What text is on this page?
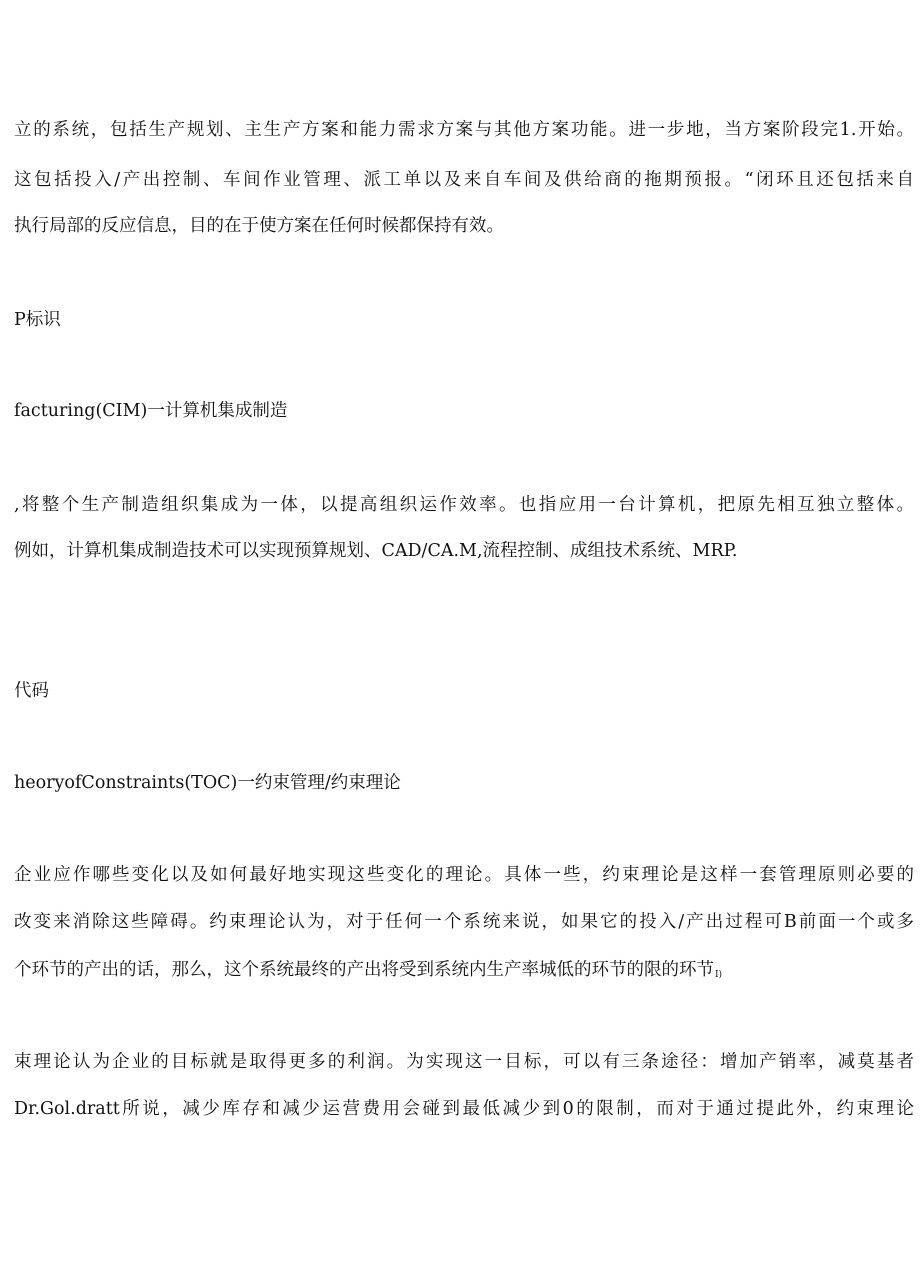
立的系统，包括生产规划、主生产方案和能力需求方案与其他方案功能。进一步地，当方案阶段完1.开始。
这包括投入/产出控制、车间作业管理、派工单以及来自车间及供给商的拖期预报。“闭环且还包括来自
执行局部的反应信息，目的在于使方案在任何时候都保持有效。
P标识
facturing(CIM)一计算机集成制造
,将整个生产制造组织集成为一体，以提高组织运作效率。也指应用一台计算机，把原先相互独立整体。
例如，计算机集成制造技术可以实现预算规划、CAD/CA.M,流程控制、成组技术系统、MRP.
代码
heoryofConstraints(TOC)一约束管理/约束理论
企业应作哪些变化以及如何最好地实现这些变化的理论。具体一些，约束理论是这样一套管理原则必要的
改变来消除这些障碍。约束理论认为，对于任何一个系统来说，如果它的投入/产出过程可B前面一个或多
个环节的产出的话，那么，这个系统最终的产出将受到系统内生产率城低的环节的限的环节$_{I)}$
束理论认为企业的目标就是取得更多的利润。为实现这一目标，可以有三条途径：增加产销率，减莫基者
Dr.Gol.dratt所说，减少库存和减少运营费用会碰到最低减少到0的限制，而对于通过提此外，约束理论
